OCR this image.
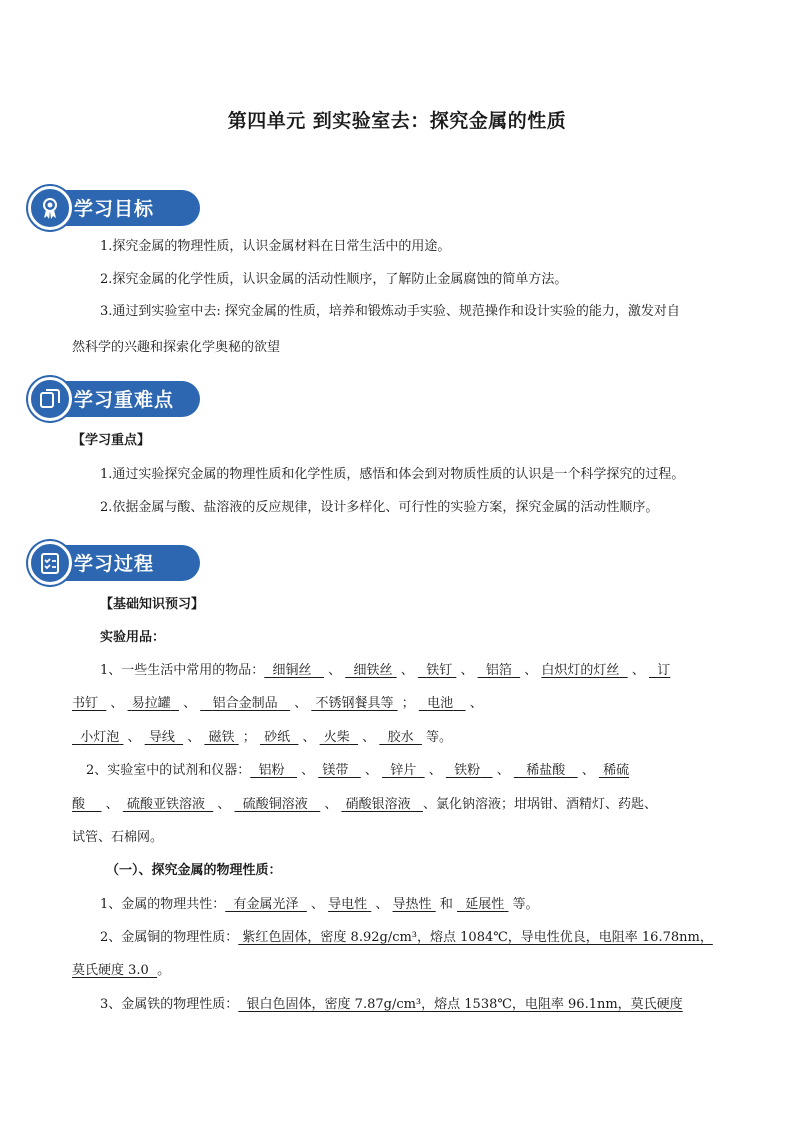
第四单元 到实验室去：探究金属的性质
学习目标
1.探究金属的物理性质，认识金属材料在日常生活中的用途。
2.探究金属的化学性质，认识金属的活动性顺序，了解防止金属腐蚀的简单方法。
3.通过到实验室中去: 探究金属的性质，培养和锻炼动手实验、规范操作和设计实验的能力，激发对自
然科学的兴趣和探索化学奥秘的欲望
学习重难点
【学习重点】
1.通过实验探究金属的物理性质和化学性质，感悟和体会到对物质性质的认识是一个科学探究的过程。
2.依据金属与酸、盐溶液的反应规律，设计多样化、可行性的实验方案，探究金属的活动性顺序。
学习过程
【基础知识预习】
实验用品：
1、一些生活中常用的物品： 细铜丝    、   细铁丝  、   铁钉  、   铝箔   、 白炽灯的灯丝   、   订
书钉   、  易拉罐   、    铝合金制品    、  不锈钢餐具等  ；   电池    、
小灯泡  、  导线   、  磁铁  ；  砂纸   、  火柴   、   胶水 等。
2、实验室中的试剂和仪器： 铝粉    、  镁带    、   锌片   、   铁粉    、    稀盐酸    、  稀硫
酸     、  硫酸亚铁溶液   、   硫酸铜溶液    、  硝酸银溶液 、氯化钠溶液；坩埚钳、酒精灯、药匙、
试管、石棉网。
（一）、探究金属的物理性质：
1、金属的物理共性： 有金属光泽   、 导电性  、 导热性 和 延展性 等。
2、金属铜的物理性质： 紫红色固体，密度 8.92g/cm³，熔点 1084℃，导电性优良，电阻率 16.78nm，
莫氏硬度 3.0 。
3、金属铁的物理性质： 银白色固体，密度 7.87g/cm³，熔点 1538℃，电阻率 96.1nm，莫氏硬度
